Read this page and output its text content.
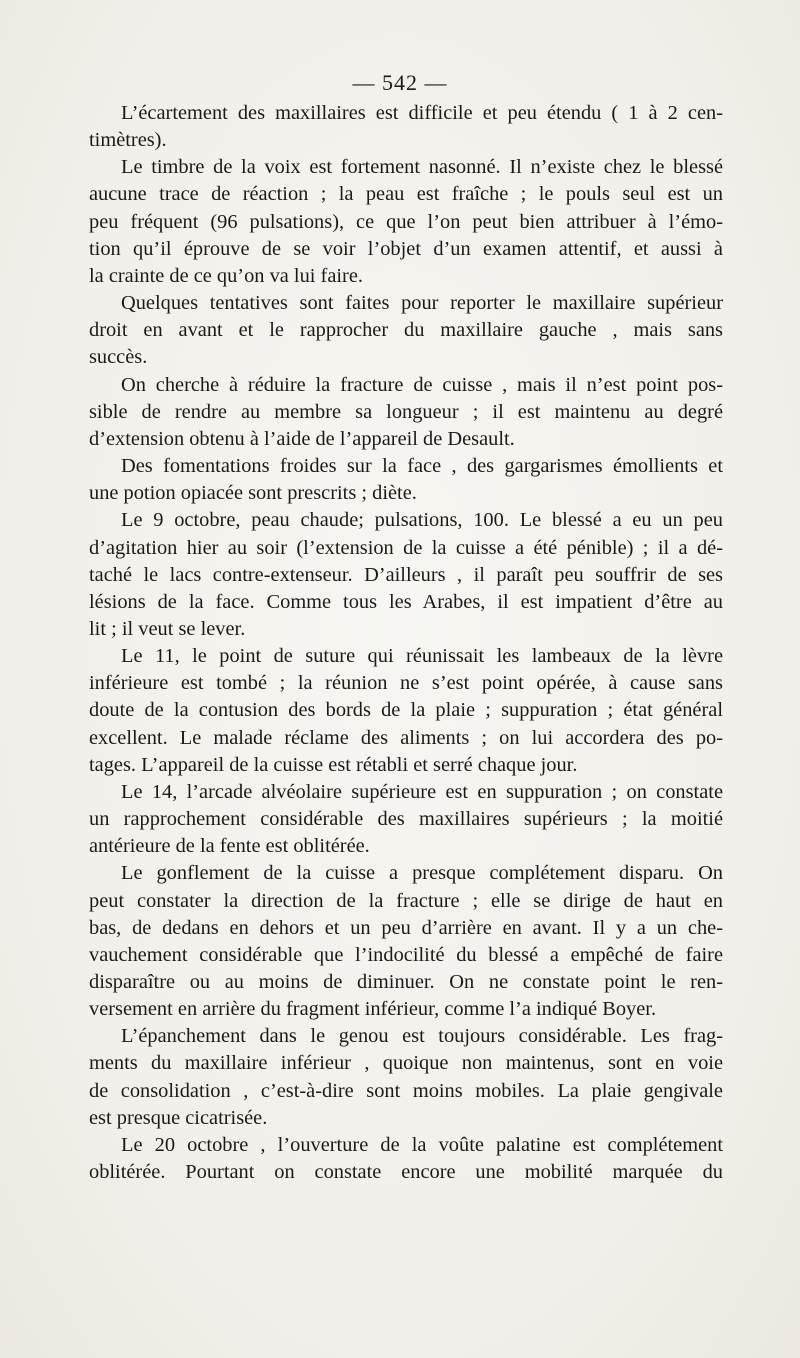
— 542 —
L’écartement des maxillaires est difficile et peu étendu ( 1 à 2 cen-
timètres).
Le timbre de la voix est fortement nasonné. Il n’existe chez le blessé
aucune trace de réaction ; la peau est fraîche ; le pouls seul est un
peu fréquent (96 pulsations), ce que l’on peut bien attribuer à l’émo-
tion qu’il éprouve de se voir l’objet d’un examen attentif, et aussi à
la crainte de ce qu’on va lui faire.
Quelques tentatives sont faites pour reporter le maxillaire supérieur
droit en avant et le rapprocher du maxillaire gauche , mais sans
succès.
On cherche à réduire la fracture de cuisse , mais il n’est point pos-
sible de rendre au membre sa longueur ; il est maintenu au degré
d’extension obtenu à l’aide de l’appareil de Desault.
Des fomentations froides sur la face , des gargarismes émollients et
une potion opiacée sont prescrits ; diète.
Le 9 octobre, peau chaude; pulsations, 100. Le blessé a eu un peu
d’agitation hier au soir (l’extension de la cuisse a été pénible) ; il a dé-
taché le lacs contre-extenseur. D’ailleurs , il paraît peu souffrir de ses
lésions de la face. Comme tous les Arabes, il est impatient d’être au
lit ; il veut se lever.
Le 11, le point de suture qui réunissait les lambeaux de la lèvre
inférieure est tombé ; la réunion ne s’est point opérée, à cause sans
doute de la contusion des bords de la plaie ; suppuration ; état général
excellent. Le malade réclame des aliments ; on lui accordera des po-
tages. L’appareil de la cuisse est rétabli et serré chaque jour.
Le 14, l’arcade alvéolaire supérieure est en suppuration ; on constate
un rapprochement considérable des maxillaires supérieurs ; la moitié
antérieure de la fente est oblitérée.
Le gonflement de la cuisse a presque complétement disparu. On
peut constater la direction de la fracture ; elle se dirige de haut en
bas, de dedans en dehors et un peu d’arrière en avant. Il y a un che-
vauchement considérable que l’indocilité du blessé a empêché de faire
disparaître ou au moins de diminuer. On ne constate point le ren-
versement en arrière du fragment inférieur, comme l’a indiqué Boyer.
L’épanchement dans le genou est toujours considérable. Les frag-
ments du maxillaire inférieur , quoique non maintenus, sont en voie
de consolidation , c’est-à-dire sont moins mobiles. La plaie gengivale
est presque cicatrisée.
Le 20 octobre , l’ouverture de la voûte palatine est complétement
oblitérée. Pourtant on constate encore une mobilité marquée du
